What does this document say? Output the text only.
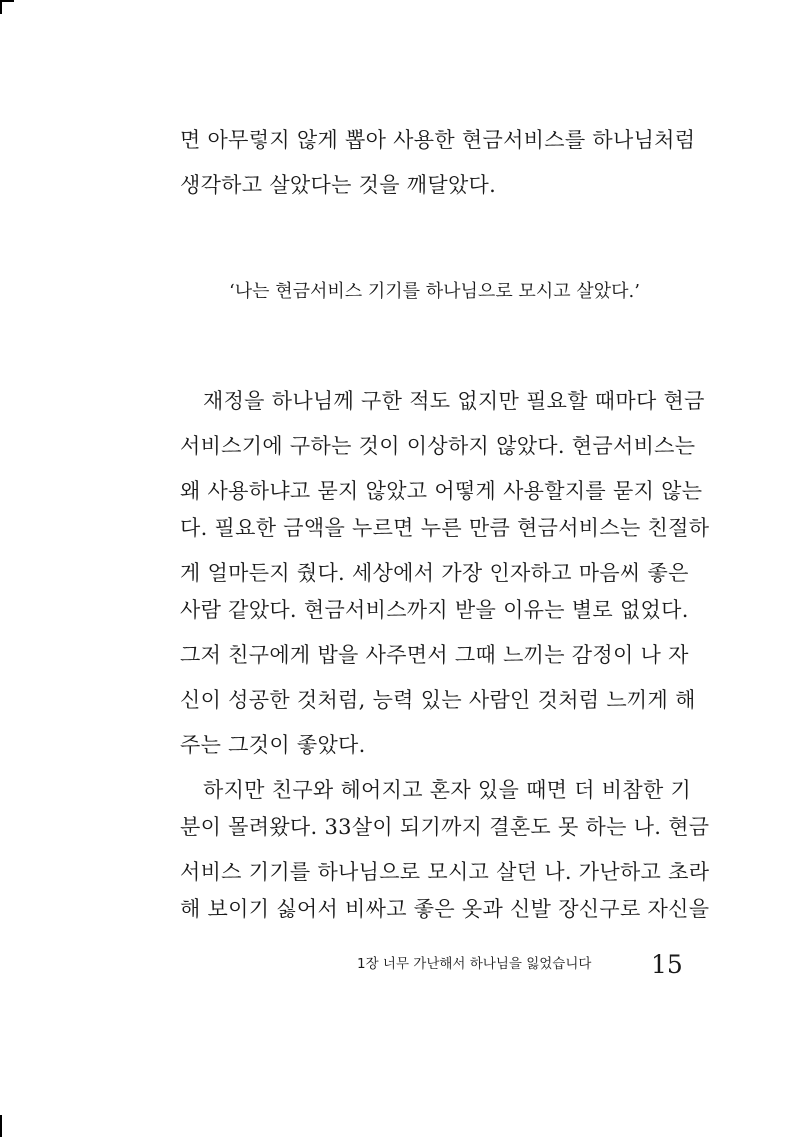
면 아무렇지 않게 뽑아 사용한 현금서비스를 하나님처럼

생각하고 살았다는 것을 깨달았다.

‘나는 현금서비스 기기를 하나님으로 모시고 살았다.’

재정을 하나님께 구한 적도 없지만 필요할 때마다 현금

서비스기에 구하는 것이 이상하지 않았다. 현금서비스는

왜 사용하냐고 묻지 않았고 어떻게 사용할지를 묻지 않는

다. 필요한 금액을 누르면 누른 만큼 현금서비스는 친절하

게 얼마든지 줬다. 세상에서 가장 인자하고 마음씨 좋은

사람 같았다. 현금서비스까지 받을 이유는 별로 없었다.

그저 친구에게 밥을 사주면서 그때 느끼는 감정이 나 자

신이 성공한 것처럼, 능력 있는 사람인 것처럼 느끼게 해

주는 그것이 좋았다.

하지만 친구와 헤어지고 혼자 있을 때면 더 비참한 기

분이 몰려왔다. 33살이 되기까지 결혼도 못 하는 나. 현금

서비스 기기를 하나님으로 모시고 살던 나. 가난하고 초라

해 보이기 싫어서 비싸고 좋은 옷과 신발 장신구로 자신을

1장 너무 가난해서 하나님을 잃었습니다 15
